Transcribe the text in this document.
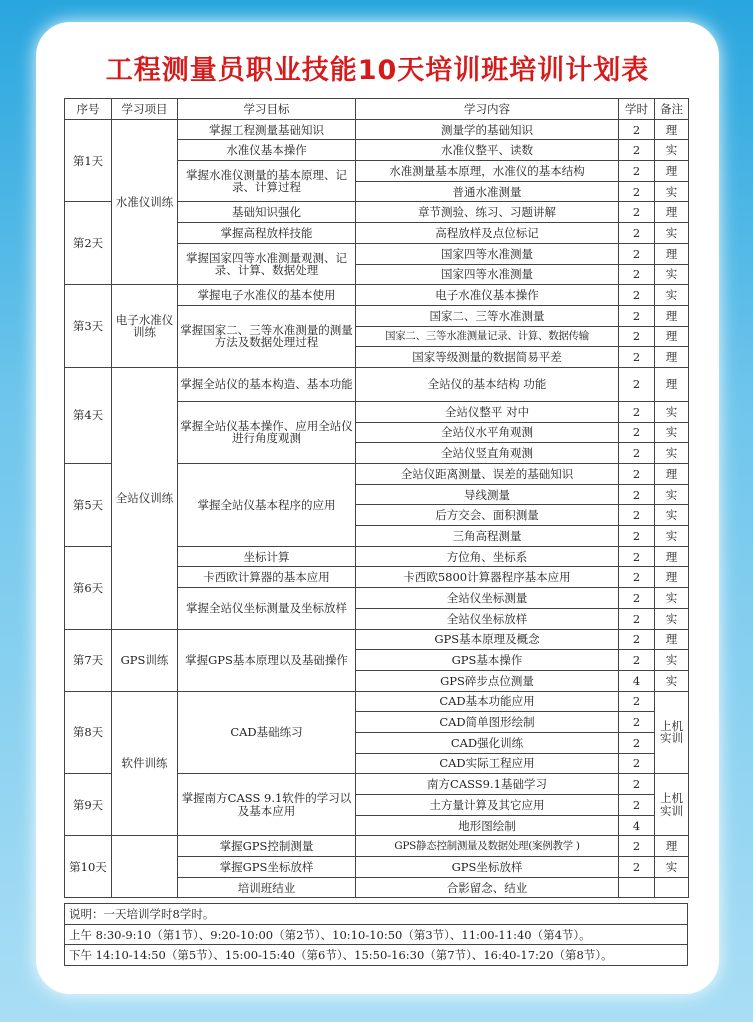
工程测量员职业技能10天培训班培训计划表
序号	学习项目	学习目标	学习内容	学时	备注
第1天	水准仪训练	掌握工程测量基础知识	测量学的基础知识	2	理
		水准仪基本操作	水准仪整平、读数	2	实
		掌握水准仪测量的基本原理、记录、计算过程	水准测量基本原理，水准仪的基本结构	2	理
			普通水准测量	2	实
第2天		基础知识强化	章节测验、练习、习题讲解	2	理
		掌握高程放样技能	高程放样及点位标记	2	实
		掌握国家四等水准测量观测、记录、计算、数据处理	国家四等水准测量	2	理
			国家四等水准测量	2	实
第3天	电子水准仪训练	掌握电子水准仪的基本使用	电子水准仪基本操作	2	实
		掌握国家二、三等水准测量的测量方法及数据处理过程	国家二、三等水准测量	2	理
			国家二、三等水准测量记录、计算、数据传输	2	理
			国家等级测量的数据简易平差	2	理
第4天	全站仪训练	掌握全站仪的基本构造、基本功能	全站仪的基本结构 功能	2	理
		掌握全站仪基本操作、应用全站仪进行角度观测	全站仪整平 对中	2	实
			全站仪水平角观测	2	实
			全站仪竖直角观测	2	实
第5天		掌握全站仪基本程序的应用	全站仪距离测量、误差的基础知识	2	理
			导线测量	2	实
			后方交会、面积测量	2	实
			三角高程测量	2	实
第6天		坐标计算	方位角、坐标系	2	理
		卡西欧计算器的基本应用	卡西欧5800计算器程序基本应用	2	理
		掌握全站仪坐标测量及坐标放样	全站仪坐标测量	2	实
			全站仪坐标放样	2	实
第7天	GPS训练	掌握GPS基本原理以及基础操作	GPS基本原理及概念	2	理
			GPS基本操作	2	实
			GPS碎步点位测量	4	实
第8天	软件训练	CAD基础练习	CAD基本功能应用	2	上机实训
			CAD简单图形绘制	2	
			CAD强化训练	2	
			CAD实际工程应用	2	
第9天		掌握南方CASS 9.1软件的学习以及基本应用	南方CASS9.1基础学习	2	上机实训
			土方量计算及其它应用	2	
			地形图绘制	4	
第10天		掌握GPS控制测量	GPS静态控制测量及数据处理(案例教学 )	2	理
		掌握GPS坐标放样	GPS坐标放样	2	实
		培训班结业	合影留念、结业		
说明：一天培训学时8学时。
上午 8:30-9:10（第1节）、9:20-10:00（第2节）、10:10-10:50（第3节）、11:00-11:40（第4节）。
下午 14:10-14:50（第5节）、15:00-15:40（第6节）、15:50-16:30（第7节）、16:40-17:20（第8节）。
